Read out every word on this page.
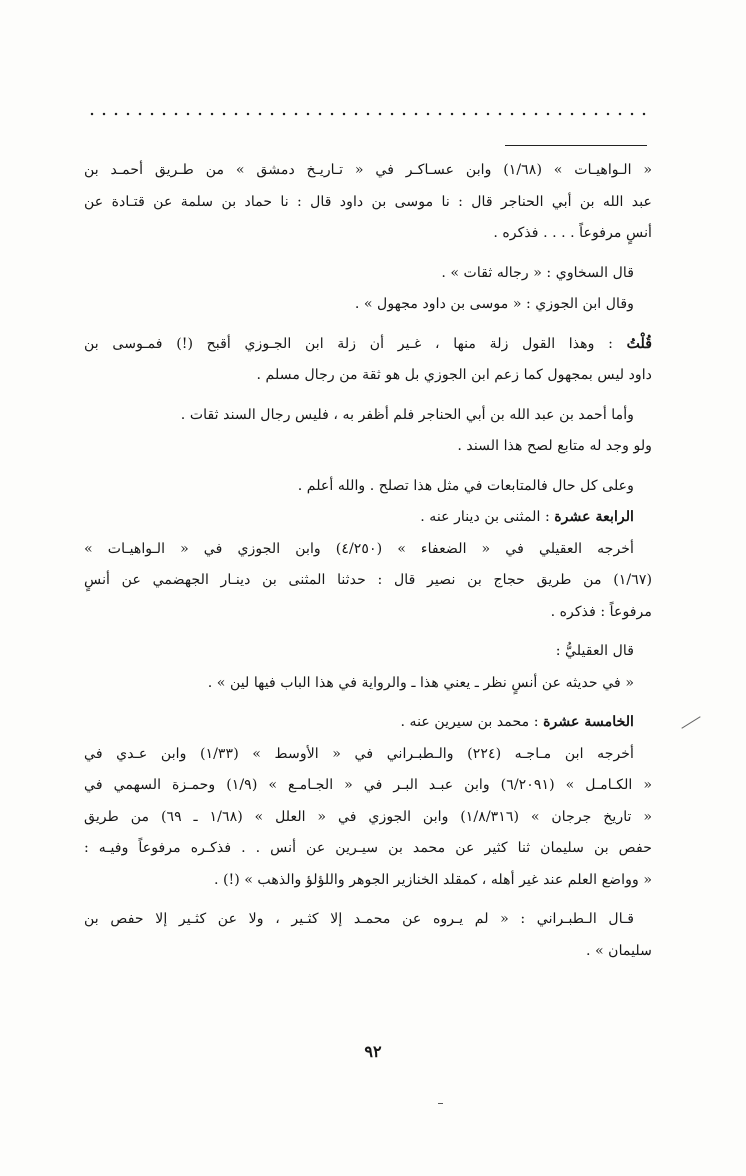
« الـواهيـات » (١/٦٨) وابن عسـاكـر في « تـاريـخ دمشق » من طـريق أحمـد بن
عبد الله بن أبي الحناجر قال : نا موسى بن داود قال : نا حماد بن سلمة عن قتـادة عن
أنسٍ مرفوعاً . . . . فذكره .
قال السخاوي : « رجاله ثقات » .
وقال ابن الجوزي : « موسى بن داود مجهول » .
قُلْتُ : وهذا القول زلة منها ، غـير أن زلة ابن الجـوزي أقبح (!) فمـوسى بن
داود ليس بمجهول كما زعم ابن الجوزي بل هو ثقة من رجال مسلم .
وأما أحمد بن عبد الله بن أبي الحناجر فلم أظفر به ، فليس رجال السند ثقات .
ولو وجد له متابع لصح هذا السند .
وعلى كل حال فالمتابعات في مثل هذا تصلح . والله أعلم .
الرابعة عشرة : المثنى بن دينار عنه .
أخرجه العقيلي في « الضعفاء » (٤/٢٥٠) وابن الجوزي في « الـواهيـات »
(١/٦٧) من طريق حجاج بن نصير قال : حدثنا المثنى بن دينـار الجهضمي عن أنسٍ
مرفوعاً : فذكره .
قال العقيليُّ :
« في حديثه عن أنسٍ نظر ـ يعني هذا ـ والرواية في هذا الباب فيها لين » .
الخامسة عشرة : محمد بن سيرين عنه .
أخرجه ابن مـاجـه (٢٢٤) والـطبـراني في « الأوسط » (١/٣٣) وابن عـدي في
« الكـامـل » (٦/٢٠٩١) وابن عبـد البـر في « الجـامـع » (١/٩) وحمـزة السهمي في
« تاريخ جرجان » (١/٨/٣١٦) وابن الجوزي في « العلل » (١/٦٨ ـ ٦٩) من طريق
حفص بن سليمان ثنا كثير عن محمد بن سيـرين عن أنس . . فذكـره مرفوعاً وفيـه :
« وواضع العلم عند غير أهله ، كمقلد الخنازير الجوهر واللؤلؤ والذهب » (!) .
قـال الـطبـراني : « لم يـروه عن محمـد إلا كثـير ، ولا عن كثـير إلا حفص بن
سليمان » .
٩٢
